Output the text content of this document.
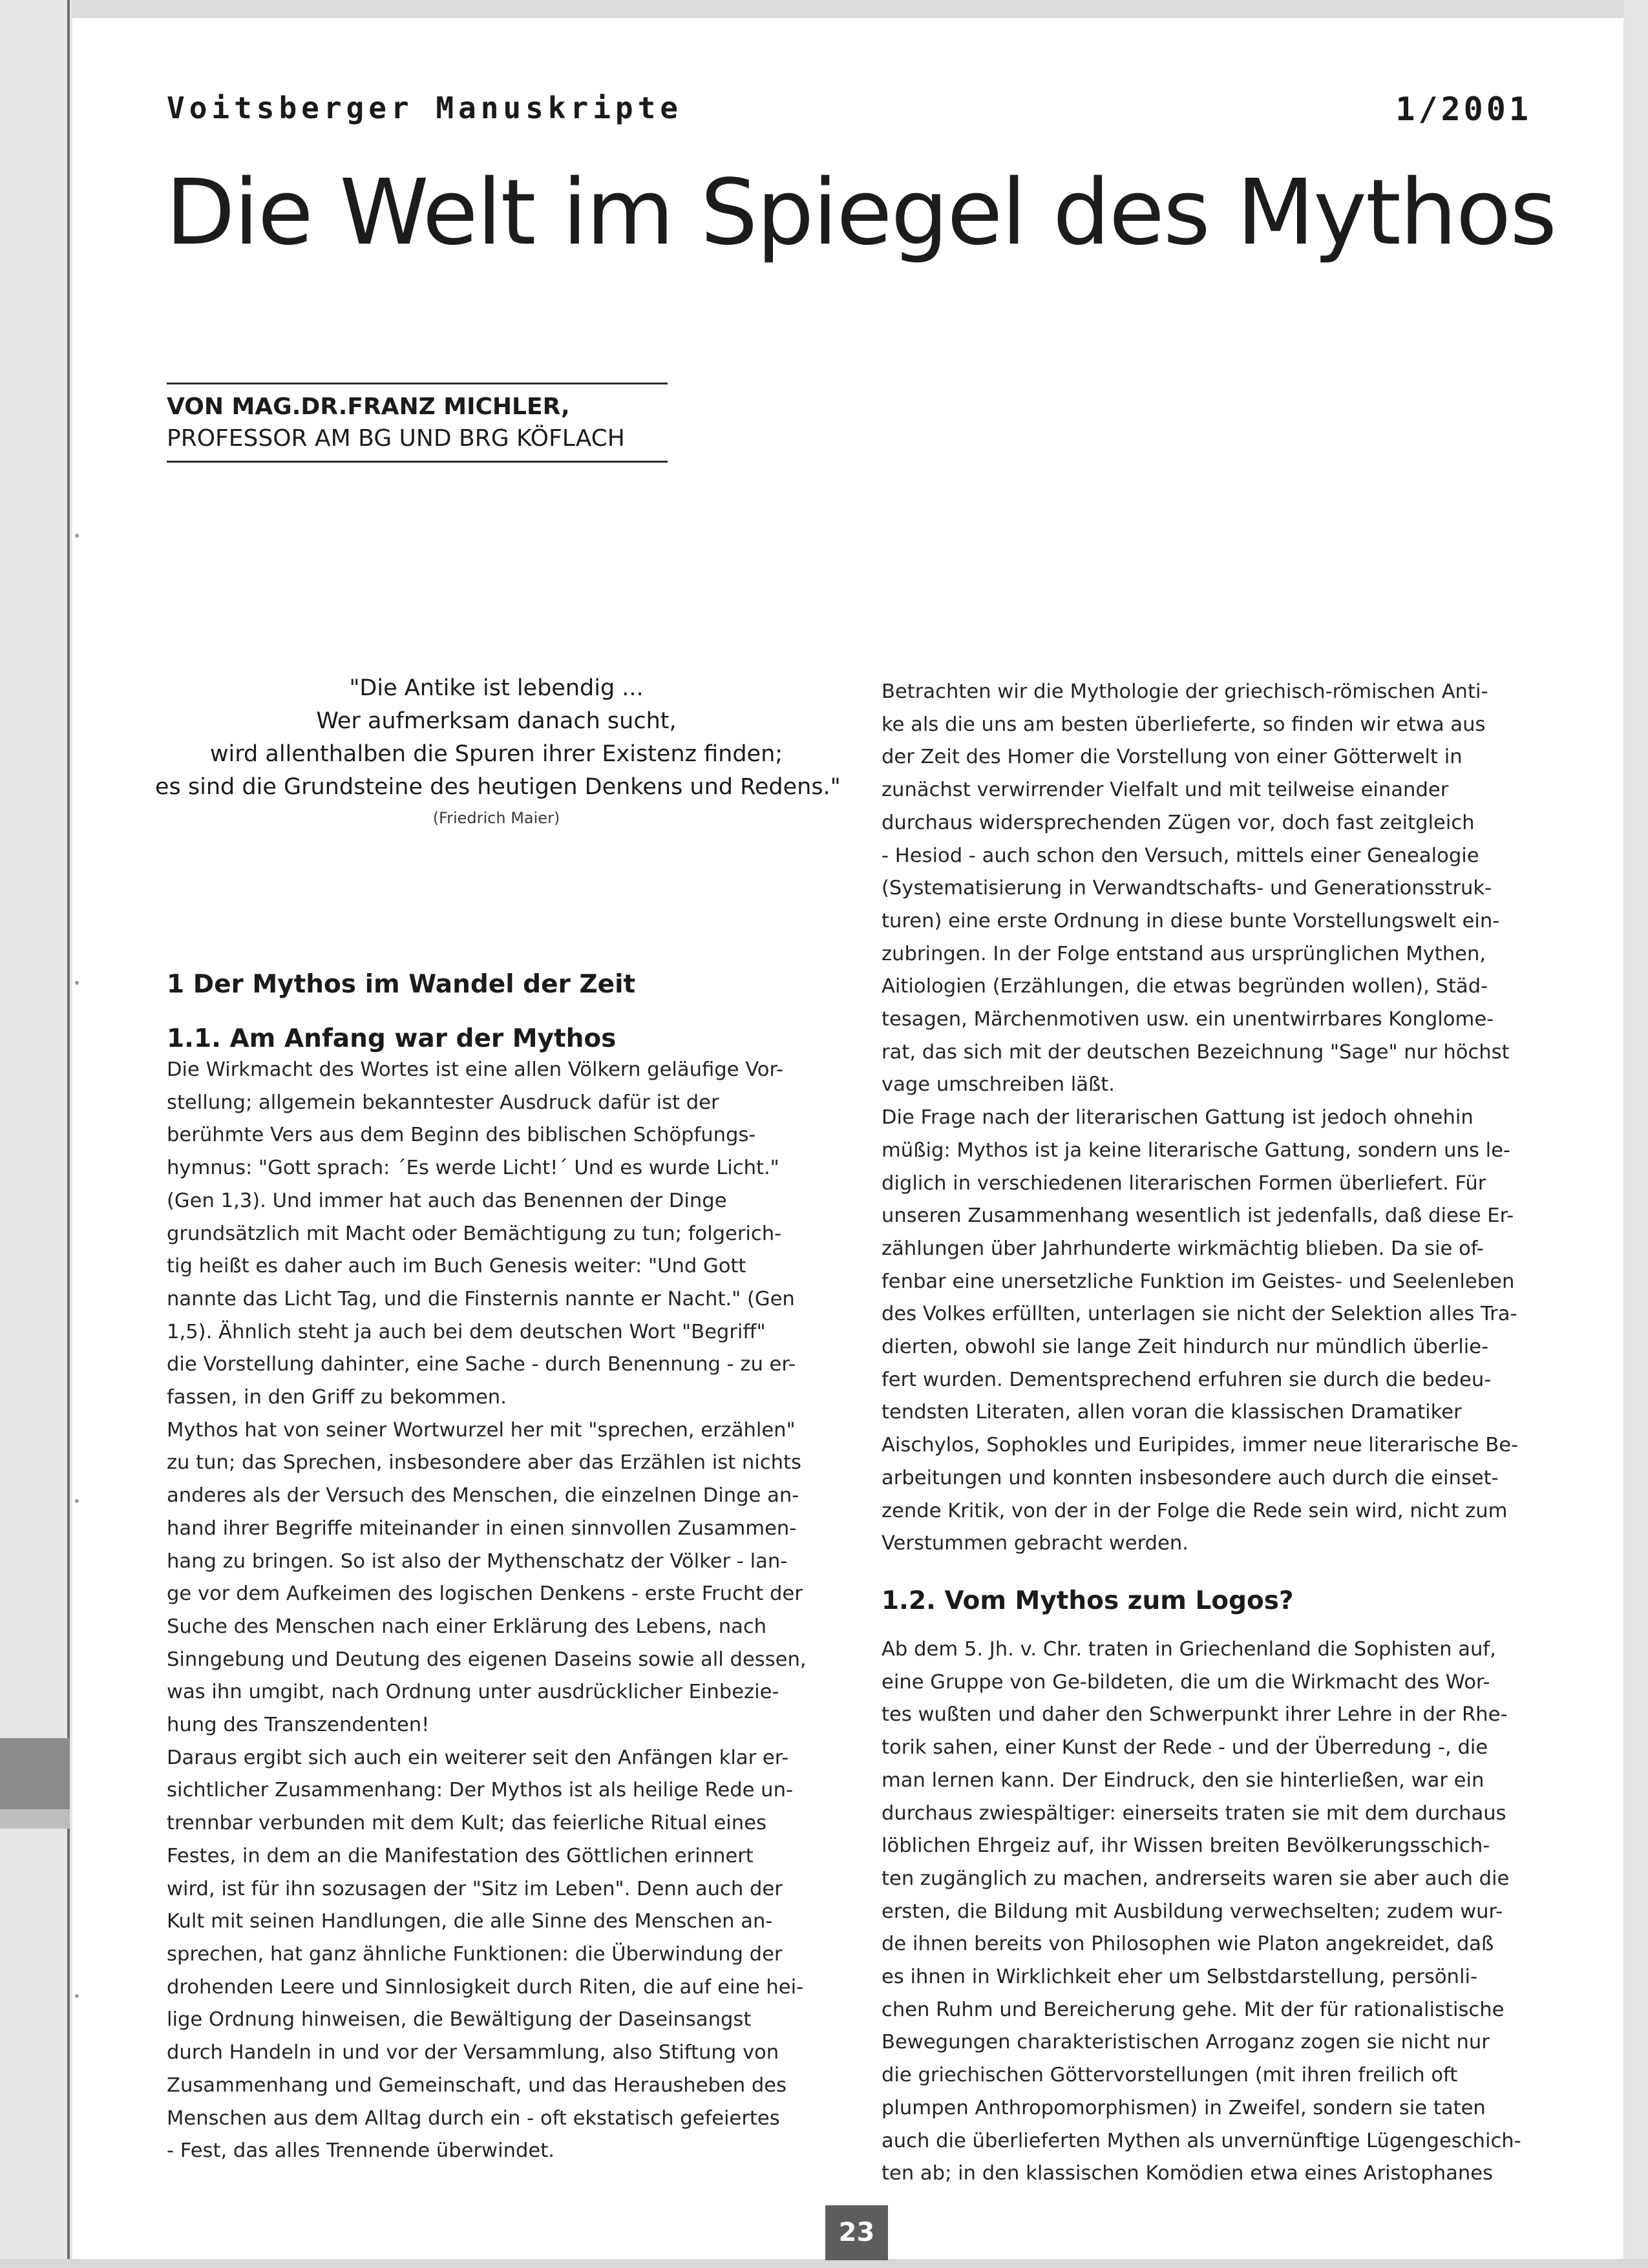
Voitsberger Manuskripte	1/2001
Die Welt im Spiegel des Mythos
VON MAG.DR.FRANZ MICHLER,
PROFESSOR AM BG UND BRG KÖFLACH
"Die Antike ist lebendig ...
Wer aufmerksam danach sucht,
wird allenthalben die Spuren ihrer Existenz finden;
es sind die Grundsteine des heutigen Denkens und Redens."
(Friedrich Maier)
1 Der Mythos im Wandel der Zeit
1.1. Am Anfang war der Mythos
Die Wirkmacht des Wortes ist eine allen Völkern geläufige Vor-
stellung; allgemein bekanntester Ausdruck dafür ist der
berühmte Vers aus dem Beginn des biblischen Schöpfungs-
hymnus: "Gott sprach: ´Es werde Licht!´ Und es wurde Licht."
(Gen 1,3). Und immer hat auch das Benennen der Dinge
grundsätzlich mit Macht oder Bemächtigung zu tun; folgerich-
tig heißt es daher auch im Buch Genesis weiter: "Und Gott
nannte das Licht Tag, und die Finsternis nannte er Nacht." (Gen
1,5). Ähnlich steht ja auch bei dem deutschen Wort "Begriff"
die Vorstellung dahinter, eine Sache - durch Benennung - zu er-
fassen, in den Griff zu bekommen.
Mythos hat von seiner Wortwurzel her mit "sprechen, erzählen"
zu tun; das Sprechen, insbesondere aber das Erzählen ist nichts
anderes als der Versuch des Menschen, die einzelnen Dinge an-
hand ihrer Begriffe miteinander in einen sinnvollen Zusammen-
hang zu bringen. So ist also der Mythenschatz der Völker - lan-
ge vor dem Aufkeimen des logischen Denkens - erste Frucht der
Suche des Menschen nach einer Erklärung des Lebens, nach
Sinngebung und Deutung des eigenen Daseins sowie all dessen,
was ihn umgibt, nach Ordnung unter ausdrücklicher Einbezie-
hung des Transzendenten!
Daraus ergibt sich auch ein weiterer seit den Anfängen klar er-
sichtlicher Zusammenhang: Der Mythos ist als heilige Rede un-
trennbar verbunden mit dem Kult; das feierliche Ritual eines
Festes, in dem an die Manifestation des Göttlichen erinnert
wird, ist für ihn sozusagen der "Sitz im Leben". Denn auch der
Kult mit seinen Handlungen, die alle Sinne des Menschen an-
sprechen, hat ganz ähnliche Funktionen: die Überwindung der
drohenden Leere und Sinnlosigkeit durch Riten, die auf eine hei-
lige Ordnung hinweisen, die Bewältigung der Daseinsangst
durch Handeln in und vor der Versammlung, also Stiftung von
Zusammenhang und Gemeinschaft, und das Herausheben des
Menschen aus dem Alltag durch ein - oft ekstatisch gefeiertes
- Fest, das alles Trennende überwindet.
Betrachten wir die Mythologie der griechisch-römischen Anti-
ke als die uns am besten überlieferte, so finden wir etwa aus
der Zeit des Homer die Vorstellung von einer Götterwelt in
zunächst verwirrender Vielfalt und mit teilweise einander
durchaus widersprechenden Zügen vor, doch fast zeitgleich
- Hesiod - auch schon den Versuch, mittels einer Genealogie
(Systematisierung in Verwandtschafts- und Generationsstruk-
turen) eine erste Ordnung in diese bunte Vorstellungswelt ein-
zubringen. In der Folge entstand aus ursprünglichen Mythen,
Aitiologien (Erzählungen, die etwas begründen wollen), Städ-
tesagen, Märchenmotiven usw. ein unentwirrbares Konglome-
rat, das sich mit der deutschen Bezeichnung "Sage" nur höchst
vage umschreiben läßt.
Die Frage nach der literarischen Gattung ist jedoch ohnehin
müßig: Mythos ist ja keine literarische Gattung, sondern uns le-
diglich in verschiedenen literarischen Formen überliefert. Für
unseren Zusammenhang wesentlich ist jedenfalls, daß diese Er-
zählungen über Jahrhunderte wirkmächtig blieben. Da sie of-
fenbar eine unersetzliche Funktion im Geistes- und Seelenleben
des Volkes erfüllten, unterlagen sie nicht der Selektion alles Tra-
dierten, obwohl sie lange Zeit hindurch nur mündlich überlie-
fert wurden. Dementsprechend erfuhren sie durch die bedeu-
tendsten Literaten, allen voran die klassischen Dramatiker
Aischylos, Sophokles und Euripides, immer neue literarische Be-
arbeitungen und konnten insbesondere auch durch die einset-
zende Kritik, von der in der Folge die Rede sein wird, nicht zum
Verstummen gebracht werden.
1.2. Vom Mythos zum Logos?
Ab dem 5. Jh. v. Chr. traten in Griechenland die Sophisten auf,
eine Gruppe von Ge-bildeten, die um die Wirkmacht des Wor-
tes wußten und daher den Schwerpunkt ihrer Lehre in der Rhe-
torik sahen, einer Kunst der Rede - und der Überredung -, die
man lernen kann. Der Eindruck, den sie hinterließen, war ein
durchaus zwiespältiger: einerseits traten sie mit dem durchaus
löblichen Ehrgeiz auf, ihr Wissen breiten Bevölkerungsschich-
ten zugänglich zu machen, andrerseits waren sie aber auch die
ersten, die Bildung mit Ausbildung verwechselten; zudem wur-
de ihnen bereits von Philosophen wie Platon angekreidet, daß
es ihnen in Wirklichkeit eher um Selbstdarstellung, persönli-
chen Ruhm und Bereicherung gehe. Mit der für rationalistische
Bewegungen charakteristischen Arroganz zogen sie nicht nur
die griechischen Göttervorstellungen (mit ihren freilich oft
plumpen Anthropomorphismen) in Zweifel, sondern sie taten
auch die überlieferten Mythen als unvernünftige Lügengeschich-
ten ab; in den klassischen Komödien etwa eines Aristophanes
23
